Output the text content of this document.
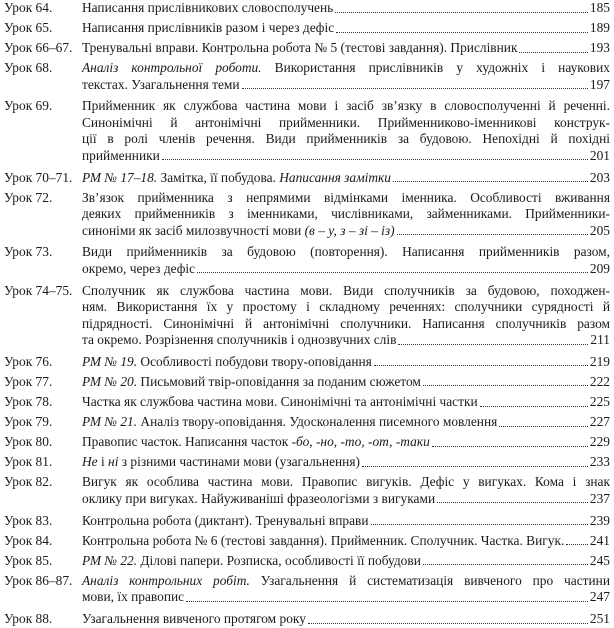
Урок 64.	Написання прислівникових словосполучень	185
Урок 65.	Написання прислівників разом і через дефіс	189
Урок 66–67. Тренувальні вправи. Контрольна робота № 5 (тестові завдання). Прислівник	193
Урок 68.	Аналіз контрольної роботи. Використання прислівників у художніх і наукових
текстах. Узагальнення теми	197
Урок 69.	Прийменник як службова частина мови і засіб зв’язку в словосполученні й реченні.
Синонімічні й антонімічні прийменники. Прийменниково-іменникові конструк-
ції в ролі членів речення. Види прийменників за будовою. Непохідні й похідні
прийменники	201
Урок 70–71. РМ № 17–18. Замітка, її побудова. Написання замітки	203
Урок 72.	Зв’язок прийменника з непрямими відмінками іменника. Особливості вживання
деяких прийменників з іменниками, числівниками, займенниками. Прийменники-
синоніми як засіб милозвучності мови (в – у, з – зі – із)	205
Урок 73.	Види прийменників за будовою (повторення). Написання прийменників разом,
окремо, через дефіс	209
Урок 74–75. Сполучник як службова частина мови. Види сполучників за будовою, походжен-
ням. Використання їх у простому і складному реченнях: сполучники сурядності й
підрядності. Синонімічні й антонімічні сполучники. Написання сполучників разом
та окремо. Розрізнення сполучників і однозвучних слів	211
Урок 76.	РМ № 19. Особливості побудови твору-оповідання	219
Урок 77.	РМ № 20. Письмовий твір-оповідання за поданим сюжетом	222
Урок 78.	Частка як службова частина мови. Синонімічні та антонімічні частки	225
Урок 79.	РМ № 21. Аналіз твору-оповідання. Удосконалення писемного мовлення	227
Урок 80.	Правопис часток. Написання часток -бо, -но, -то, -от, -таки	229
Урок 81.	Не і ні з різними частинами мови (узагальнення)	233
Урок 82.	Вигук як особлива частина мови. Правопис вигуків. Дефіс у вигуках. Кома і знак
оклику при вигуках. Найуживаніші фразеологізми з вигуками	237
Урок 83.	Контрольна робота (диктант). Тренувальні вправи	239
Урок 84.	Контрольна робота № 6 (тестові завдання). Прийменник. Сполучник. Частка. Вигук. 241
Урок 85.	РМ № 22. Ділові папери. Розписка, особливості її побудови	245
Урок 86–87. Аналіз контрольних робіт. Узагальнення й систематизація вивченого про частини
мови, їх правопис	247
Урок 88.	Узагальнення вивченого протягом року	251
